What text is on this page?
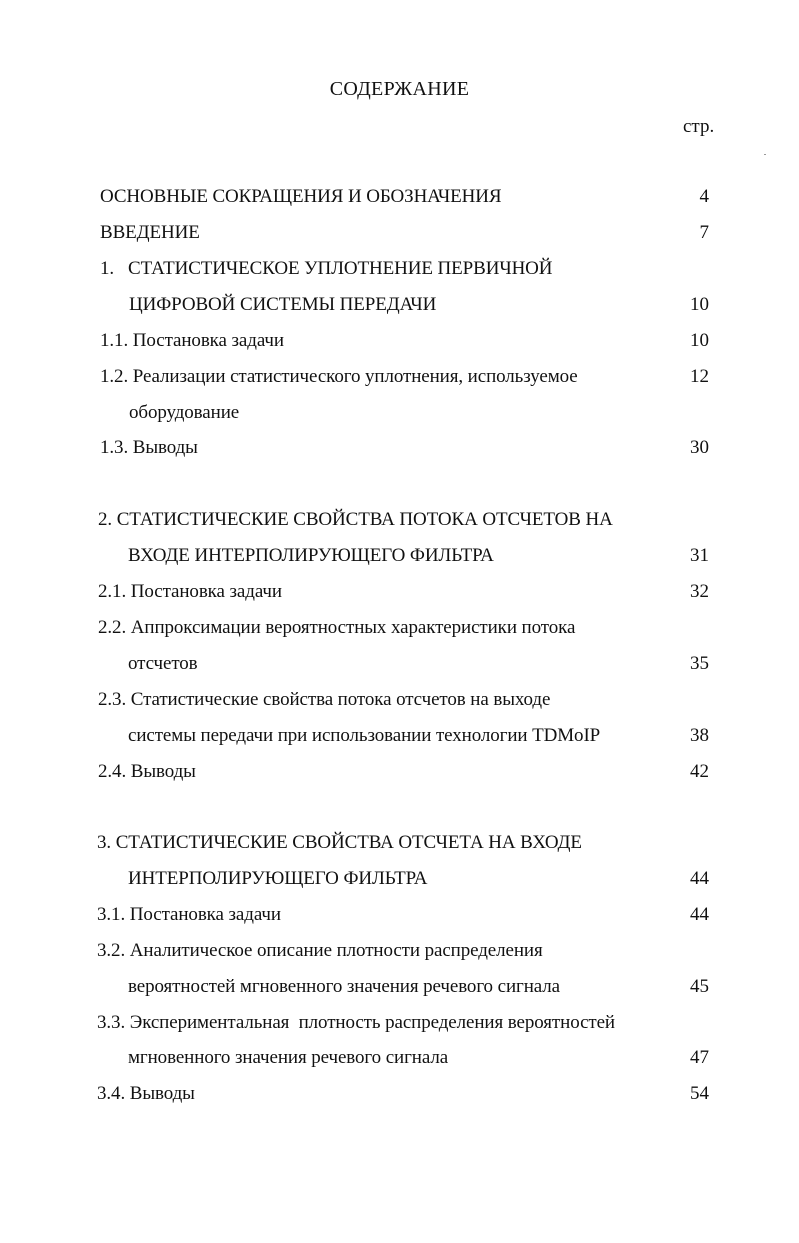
СОДЕРЖАНИЕ
стр.
ОСНОВНЫЕ СОКРАЩЕНИЯ И ОБОЗНАЧЕНИЯ	4
ВВЕДЕНИЕ	7
1.   СТАТИСТИЧЕСКОЕ УПЛОТНЕНИЕ ПЕРВИЧНОЙ
ЦИФРОВОЙ СИСТЕМЫ ПЕРЕДАЧИ	10
1.1. Постановка задачи	10
1.2. Реализации статистического уплотнения, используемое	12
оборудование
1.3. Выводы	30
2. СТАТИСТИЧЕСКИЕ СВОЙСТВА ПОТОКА ОТСЧЕТОВ НА
ВХОДЕ ИНТЕРПОЛИРУЮЩЕГО ФИЛЬТРА	31
2.1. Постановка задачи	32
2.2. Аппроксимации вероятностных характеристики потока
отсчетов	35
2.3. Статистические свойства потока отсчетов на выходе
системы передачи при использовании технологии TDMoIP	38
2.4. Выводы	42
3. СТАТИСТИЧЕСКИЕ СВОЙСТВА ОТСЧЕТА НА ВХОДЕ
ИНТЕРПОЛИРУЮЩЕГО ФИЛЬТРА	44
3.1. Постановка задачи	44
3.2. Аналитическое описание плотности распределения
вероятностей мгновенного значения речевого сигнала	45
3.3. Экспериментальная  плотность распределения вероятностей
мгновенного значения речевого сигнала	47
3.4. Выводы	54
